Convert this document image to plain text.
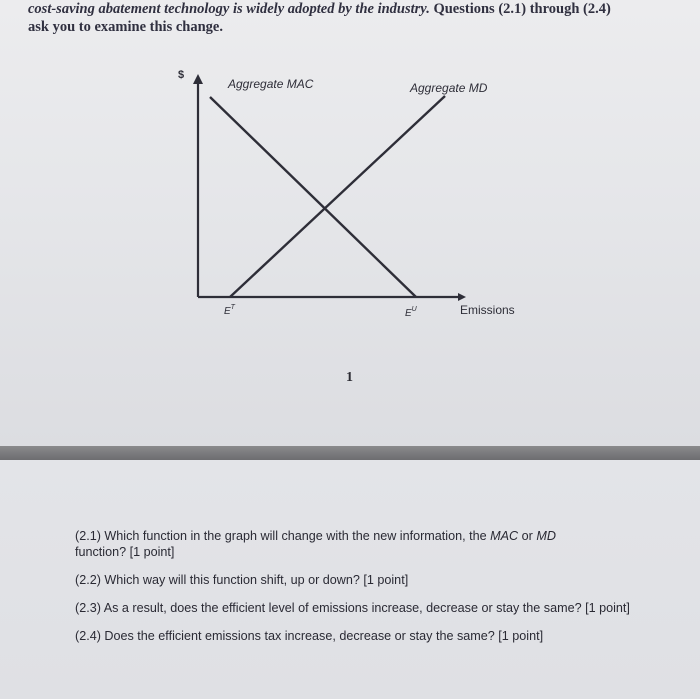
cost-saving abatement technology is widely adopted by the industry. Questions (2.1) through (2.4)
ask you to examine this change.
$
Aggregate MAC	Aggregate MD
Emissions
$E^T$
$E^U$
1

(2.1) Which function in the graph will change with the new information, the MAC or MD
function? [1 point]

(2.2) Which way will this function shift, up or down? [1 point]

(2.3) As a result, does the efficient level of emissions increase, decrease or stay the same? [1 point]

(2.4) Does the efficient emissions tax increase, decrease or stay the same? [1 point]
